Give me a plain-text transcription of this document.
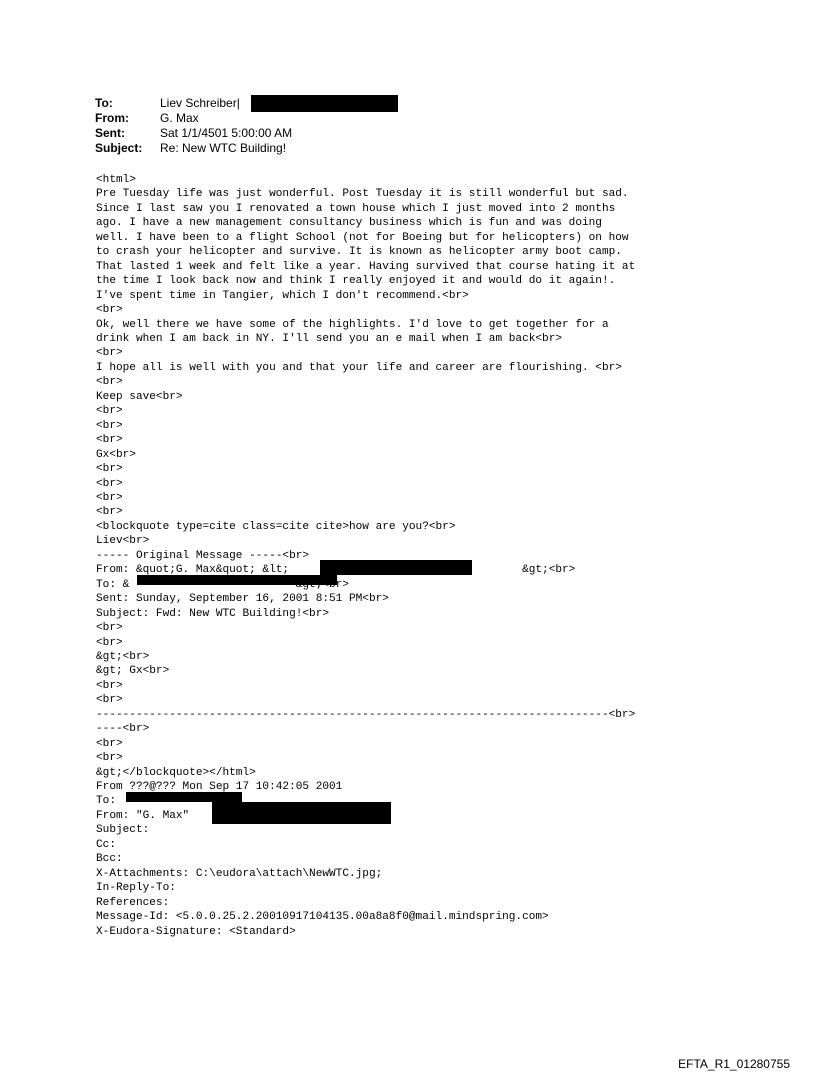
To:	Liev Schreiber|
From:	G. Max
Sent:	Sat 1/1/4501 5:00:00 AM
Subject:	Re: New WTC Building!
<html>
Pre Tuesday life was just wonderful. Post Tuesday it is still wonderful but sad.
Since I last saw you I renovated a town house which I just moved into 2 months
ago. I have a new management consultancy business which is fun and was doing
well. I have been to a flight School (not for Boeing but for helicopters) on how
to crash your helicopter and survive. It is known as helicopter army boot camp.
That lasted 1 week and felt like a year. Having survived that course hating it at
the time I look back now and think I really enjoyed it and would do it again!.
I've spent time in Tangier, which I don't recommend.<br>
<br>
Ok, well there we have some of the highlights. I'd love to get together for a
drink when I am back in NY. I'll send you an e mail when I am back<br>
<br>
I hope all is well with you and that your life and career are flourishing. <br>
<br>
Keep save<br>
<br>
<br>
<br>
Gx<br>
<br>
<br>
<br>
<br>
<blockquote type=cite class=cite cite>how are you?<br>
Liev<br>
----- Original Message -----<br>
From: &quot;G. Max&quot; &lt;                                   &gt;<br>
To: &                         &gt;<br>
Sent: Sunday, September 16, 2001 8:51 PM<br>
Subject: Fwd: New WTC Building!<br>
<br>
<br>
&gt;<br>
&gt; Gx<br>
<br>
<br>
-----------------------------------------------------------------------------<br>
----<br>
<br>
<br>
&gt;</blockquote></html>
From ???@??? Mon Sep 17 10:42:05 2001
To:
From: "G. Max"
Subject:
Cc:
Bcc:
X-Attachments: C:\eudora\attach\NewWTC.jpg;
In-Reply-To:
References:
Message-Id: <5.0.0.25.2.20010917104135.00a8a8f0@mail.mindspring.com>
X-Eudora-Signature: <Standard>
EFTA_R1_01280755
